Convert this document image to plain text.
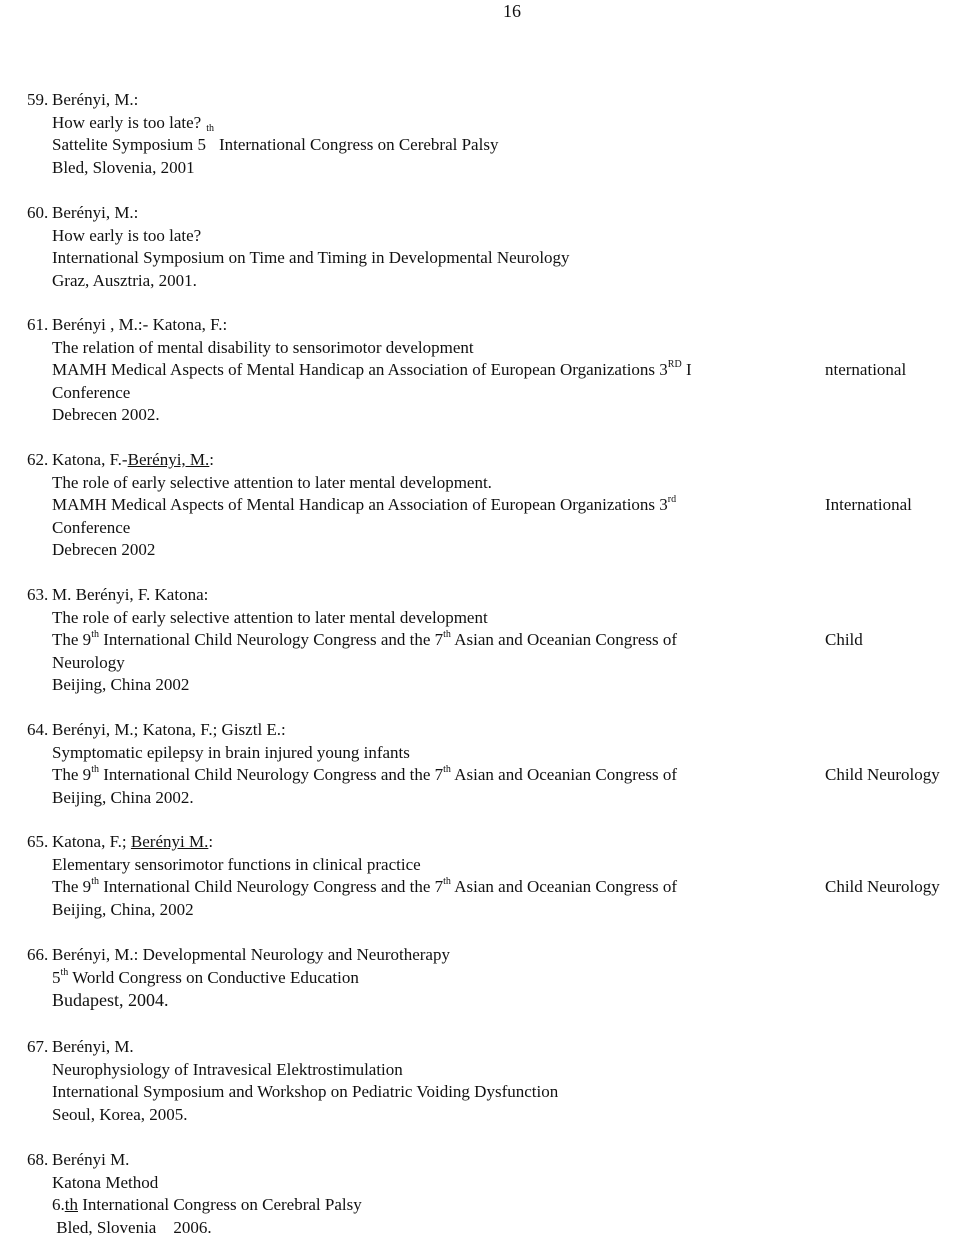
16
59. Berényi, M.:
How early is too late? th
Sattelite Symposium 5 International Congress on Cerebral Palsy
Bled, Slovenia, 2001
60. Berényi, M.:
How early is too late?
International Symposium on Time and Timing in Developmental Neurology
Graz, Ausztria, 2001.
61. Berényi , M.:- Katona, F.:
The relation of mental disability to sensorimotor development
MAMH Medical Aspects of Mental Handicap an Association of European Organizations 3RD I	nternational
Conference
Debrecen 2002.
62. Katona, F.-Berényi, M.:
The role of early selective attention to later mental development.
MAMH Medical Aspects of Mental Handicap an Association of European Organizations 3rd	International
Conference
Debrecen 2002
63. M. Berényi, F. Katona:
The role of early selective attention to later mental development
The 9th International Child Neurology Congress and the 7th Asian and Oceanian Congress of	Child
Neurology
Beijing, China 2002
64. Berényi, M.; Katona, F.; Gisztl E.:
Symptomatic epilepsy in brain injured young infants
The 9th International Child Neurology Congress and the 7th Asian and Oceanian Congress of	Child Neurology
Beijing, China 2002.
65. Katona, F.; Berényi M.:
Elementary sensorimotor functions in clinical practice
The 9th International Child Neurology Congress and the 7th Asian and Oceanian Congress of	Child Neurology
Beijing, China, 2002
66. Berényi, M.: Developmental Neurology and Neurotherapy
5th World Congress on Conductive Education
Budapest, 2004.
67. Berényi, M.
Neurophysiology of Intravesical Elektrostimulation
International Symposium and Workshop on Pediatric Voiding Dysfunction
Seoul, Korea, 2005.
68. Berényi M.
Katona Method
6.th International Congress on Cerebral Palsy
Bled, Slovenia    2006.
